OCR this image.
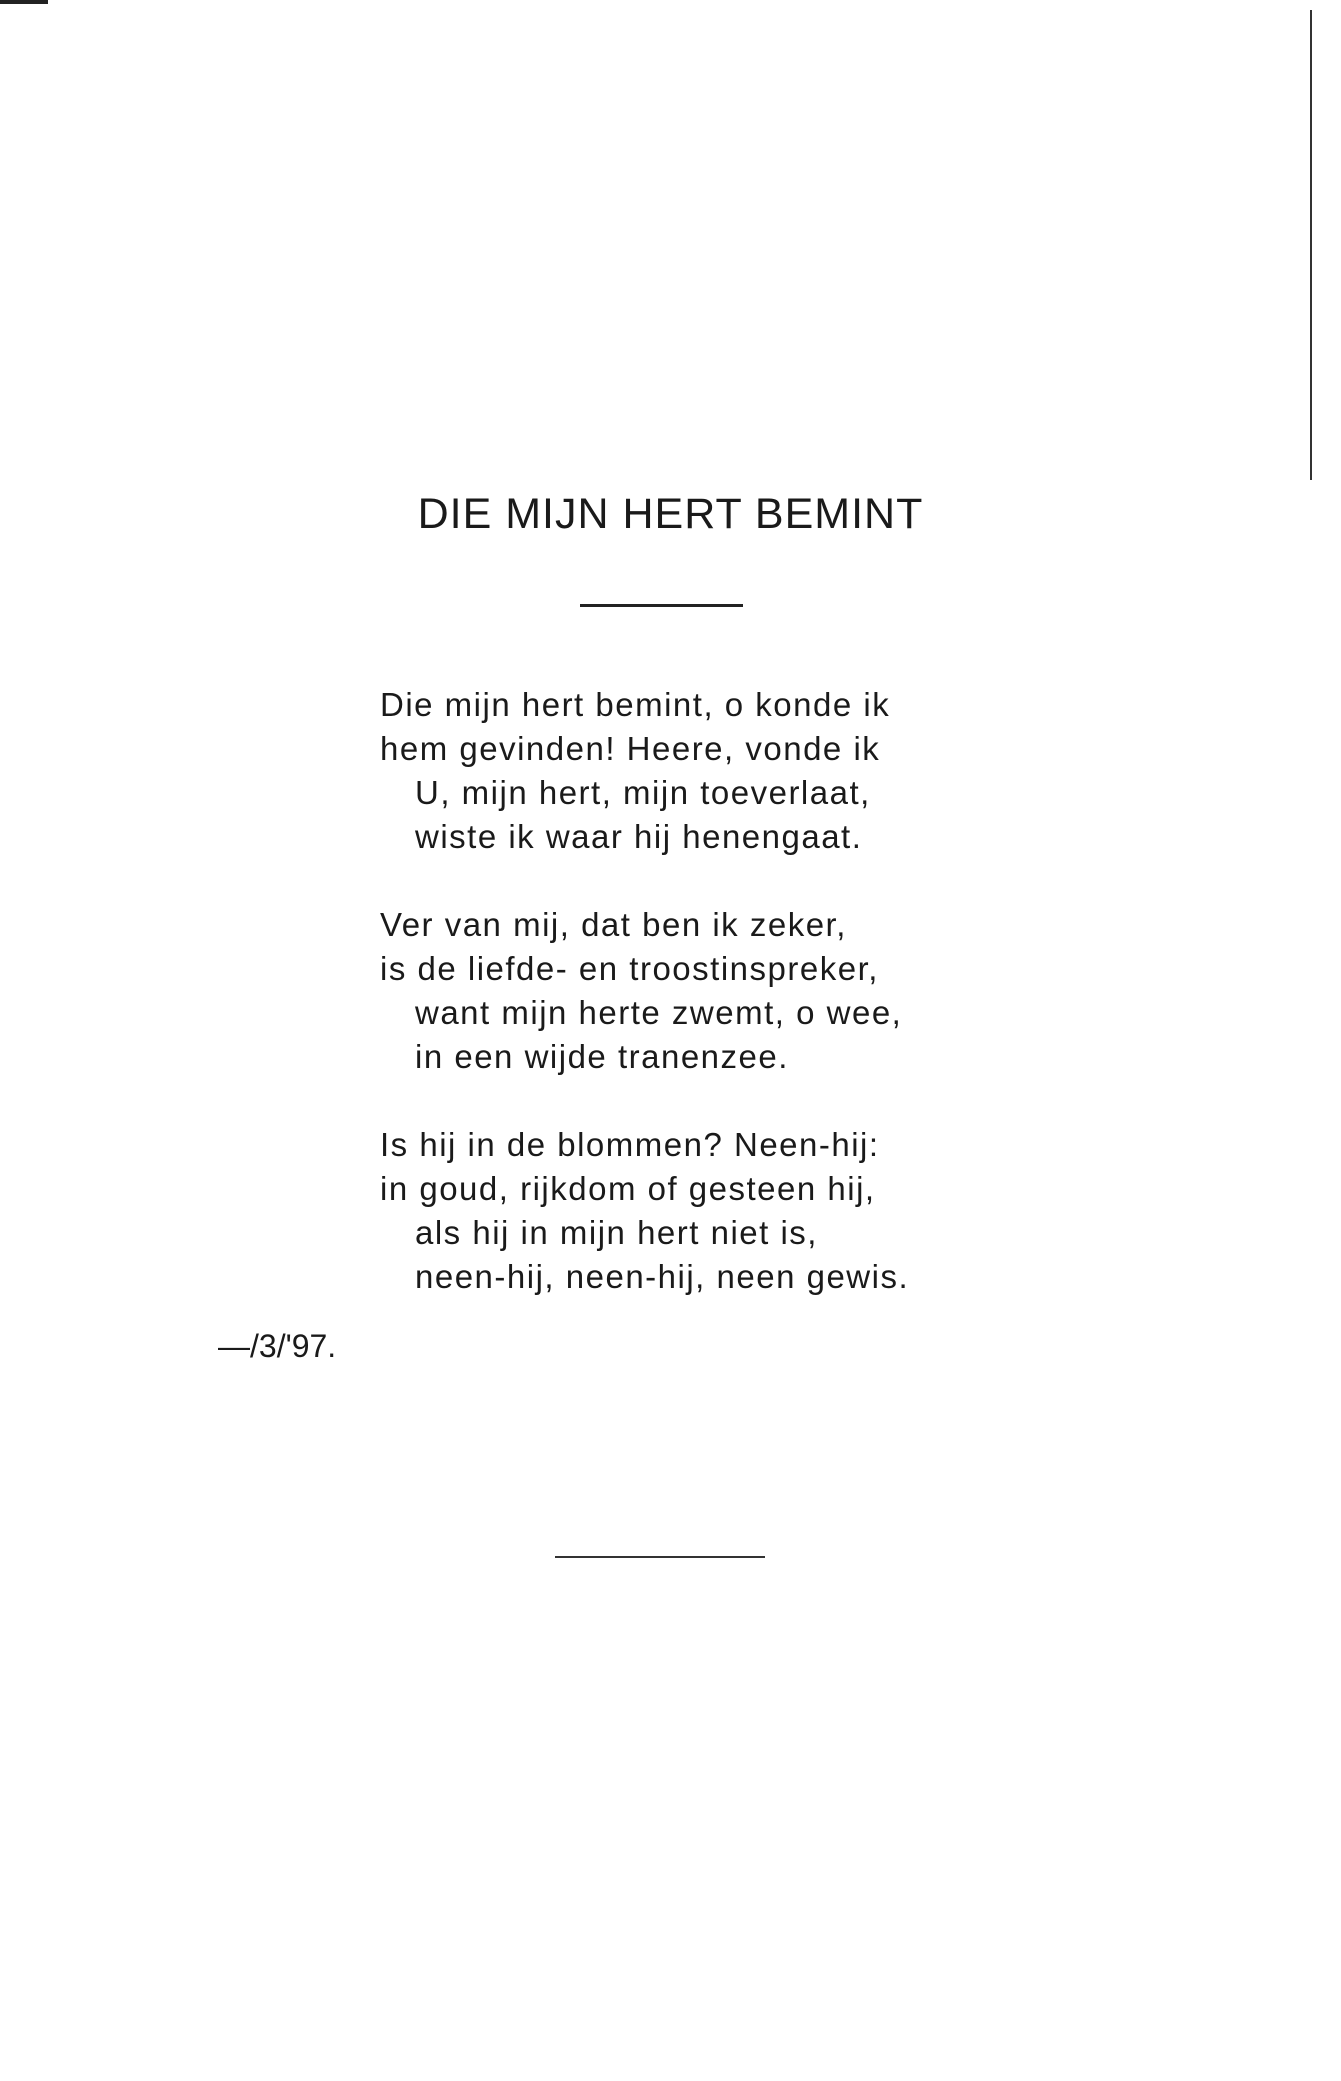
DIE MIJN HERT BEMINT
Die mijn hert bemint, o konde ik
hem gevinden! Heere, vonde ik
U, mijn hert, mijn toeverlaat,
wiste ik waar hij henengaat.
Ver van mij, dat ben ik zeker,
is de liefde- en troostinspreker,
want mijn herte zwemt, o wee,
in een wijde tranenzee.
Is hij in de blommen? Neen-hij:
in goud, rijkdom of gesteen hij,
als hij in mijn hert niet is,
neen-hij, neen-hij, neen gewis.
—/3/'97.
